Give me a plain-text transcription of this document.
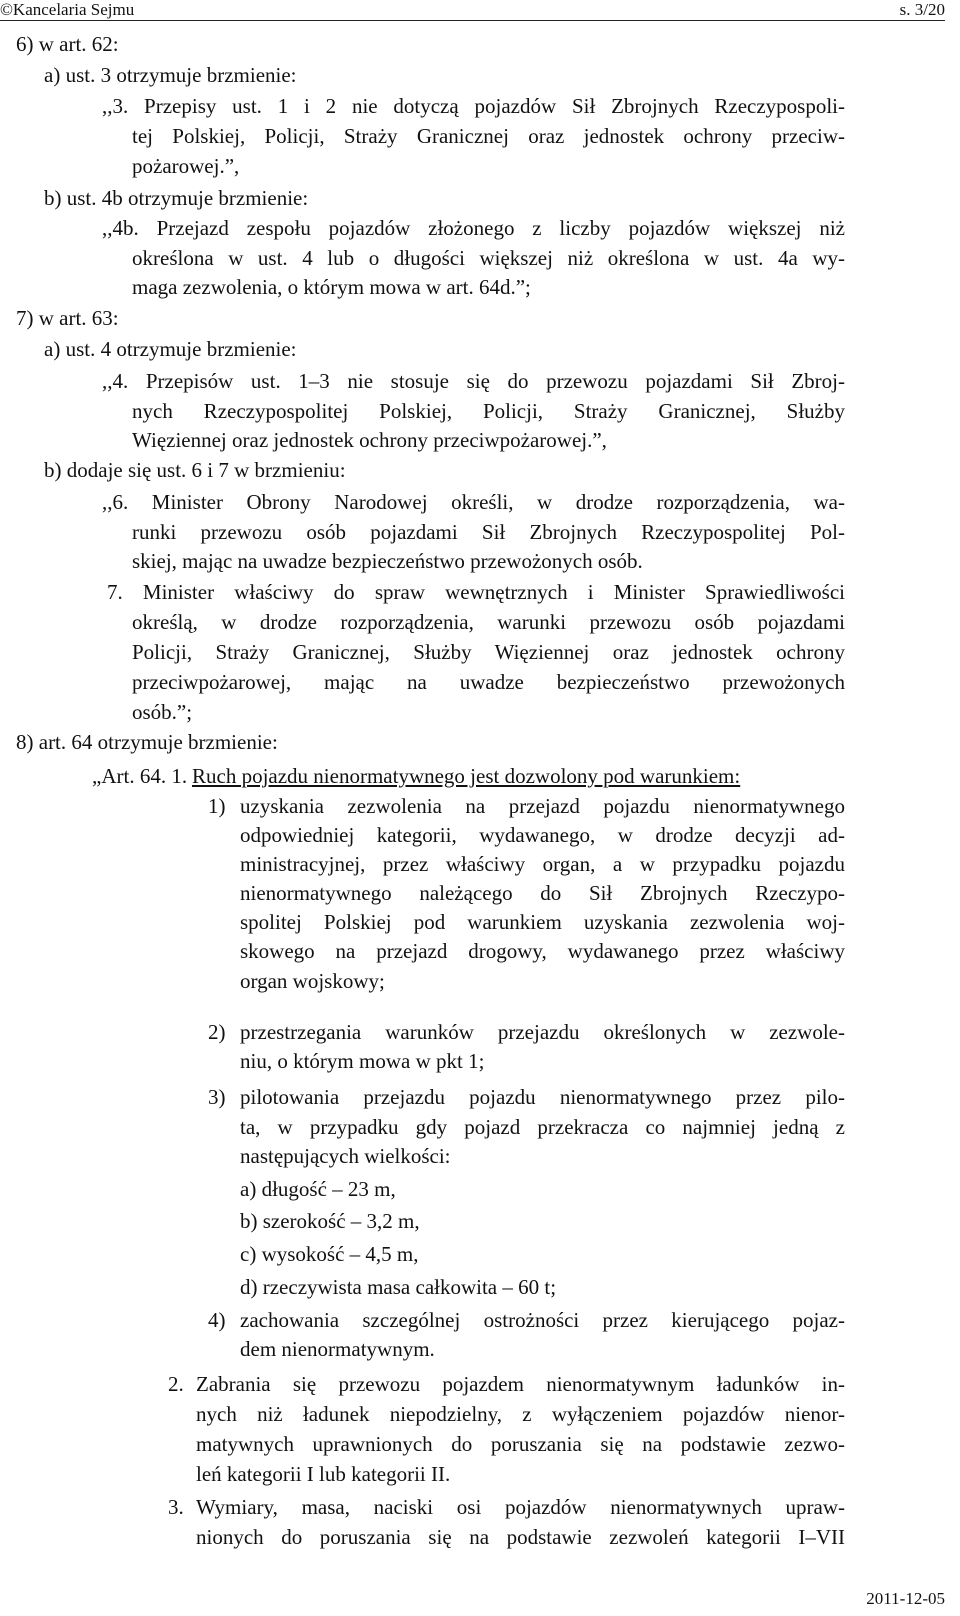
©Kancelaria Sejmu	s. 3/20
6) w art. 62:
a) ust. 3 otrzymuje brzmienie:
,,3. Przepisy ust. 1 i 2 nie dotyczą pojazdów Sił Zbrojnych Rzeczypospoli-
tej Polskiej, Policji, Straży Granicznej oraz jednostek ochrony przeciw-
pożarowej.”,
b) ust. 4b otrzymuje brzmienie:
,,4b. Przejazd zespołu pojazdów złożonego z liczby pojazdów większej niż
określona w ust. 4 lub o długości większej niż określona w ust. 4a wy-
maga zezwolenia, o którym mowa w art. 64d.”;
7) w art. 63:
a) ust. 4 otrzymuje brzmienie:
,,4. Przepisów ust. 1–3 nie stosuje się do przewozu pojazdami Sił Zbroj-
nych Rzeczypospolitej Polskiej, Policji, Straży Granicznej, Służby
Więziennej oraz jednostek ochrony przeciwpożarowej.”,
b) dodaje się ust. 6 i 7 w brzmieniu:
,,6. Minister Obrony Narodowej określi, w drodze rozporządzenia, wa-
runki przewozu osób pojazdami Sił Zbrojnych Rzeczypospolitej Pol-
skiej, mając na uwadze bezpieczeństwo przewożonych osób.
7. Minister właściwy do spraw wewnętrznych i Minister Sprawiedliwości
określą, w drodze rozporządzenia, warunki przewozu osób pojazdami
Policji, Straży Granicznej, Służby Więziennej oraz jednostek ochrony
przeciwpożarowej, mając na uwadze bezpieczeństwo przewożonych
osób.”;
8) art. 64 otrzymuje brzmienie:
„Art. 64. 1. Ruch pojazdu nienormatywnego jest dozwolony pod warunkiem:
1) uzyskania zezwolenia na przejazd pojazdu nienormatywnego
odpowiedniej kategorii, wydawanego, w drodze decyzji ad-
ministracyjnej, przez właściwy organ, a w przypadku pojazdu
nienormatywnego należącego do Sił Zbrojnych Rzeczypo-
spolitej Polskiej pod warunkiem uzyskania zezwolenia woj-
skowego na przejazd drogowy, wydawanego przez właściwy
organ wojskowy;
2) przestrzegania warunków przejazdu określonych w zezwole-
niu, o którym mowa w pkt 1;
3) pilotowania przejazdu pojazdu nienormatywnego przez pilo-
ta, w przypadku gdy pojazd przekracza co najmniej jedną z
następujących wielkości:
a) długość – 23 m,
b) szerokość – 3,2 m,
c) wysokość – 4,5 m,
d) rzeczywista masa całkowita – 60 t;
4) zachowania szczególnej ostrożności przez kierującego pojaz-
dem nienormatywnym.
2. Zabrania się przewozu pojazdem nienormatywnym ładunków in-
nych niż ładunek niepodzielny, z wyłączeniem pojazdów nienor-
matywnych uprawnionych do poruszania się na podstawie zezwo-
leń kategorii I lub kategorii II.
3. Wymiary, masa, naciski osi pojazdów nienormatywnych upraw-
nionych do poruszania się na podstawie zezwoleń kategorii I–VII
2011-12-05
